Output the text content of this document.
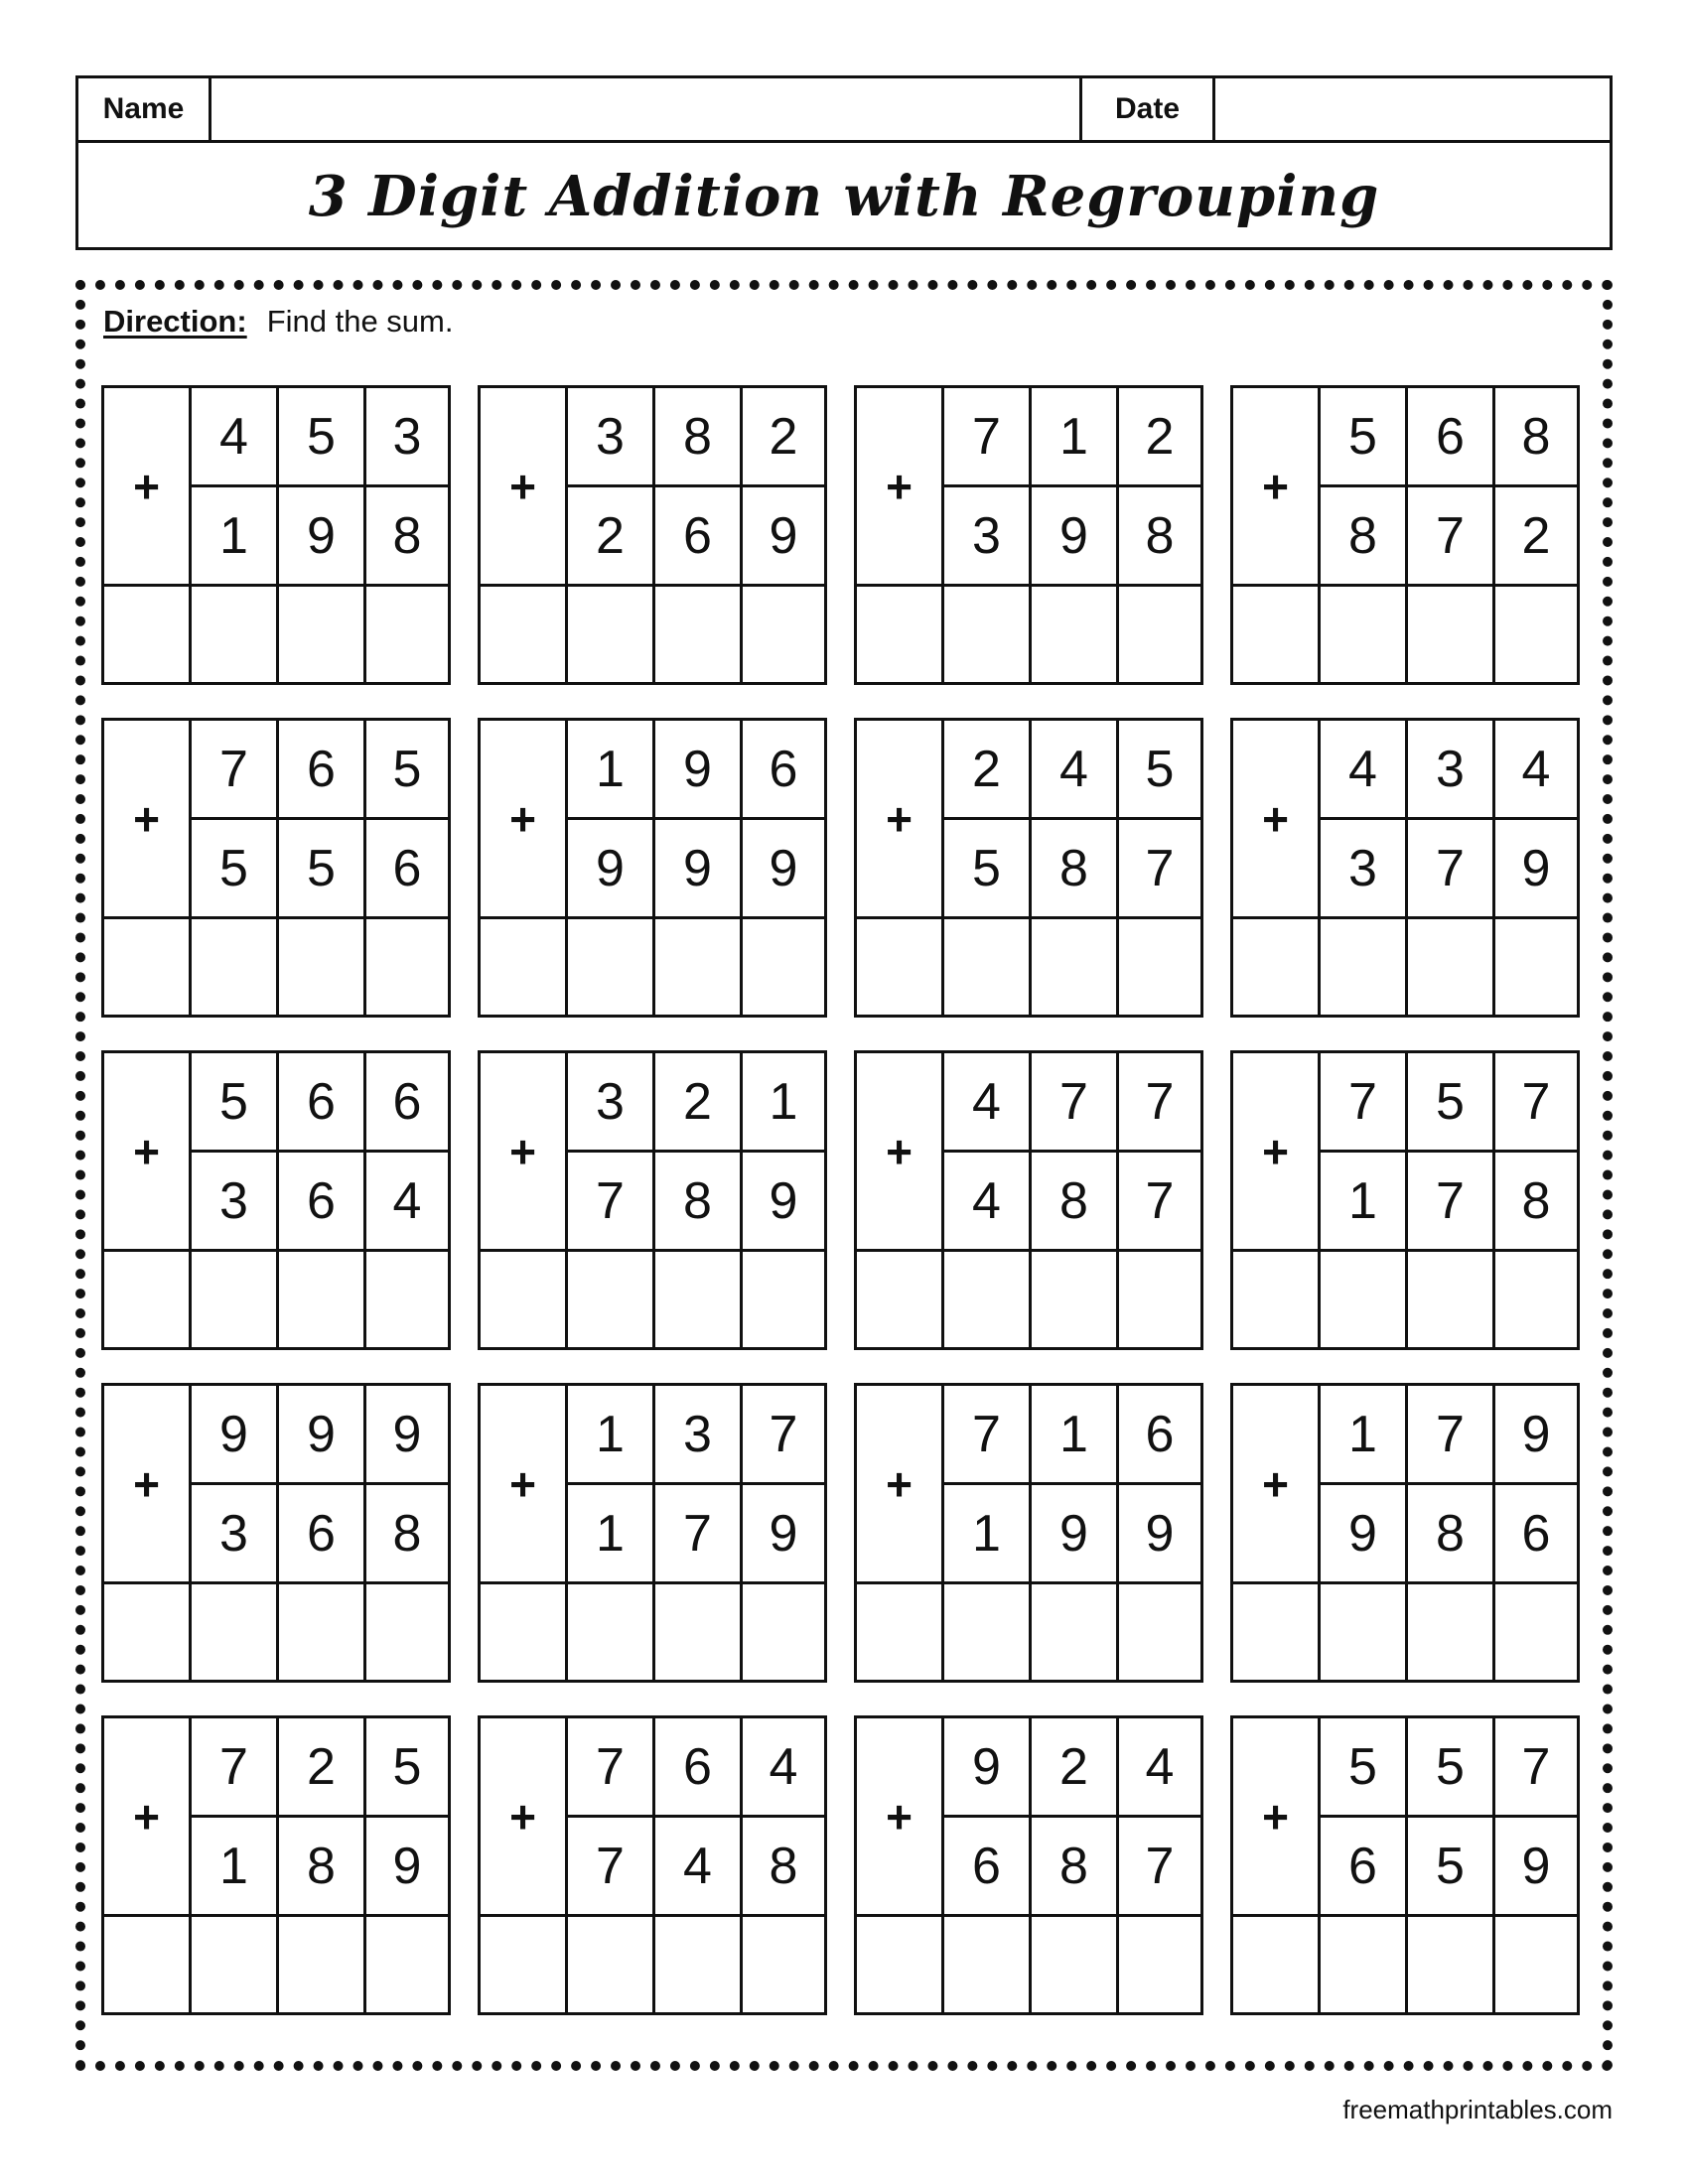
Name	Date
3 Digit Addition with Regrouping
Direction: Find the sum.
+
4	5	3
1	9	8
+
3	8	2
2	6	9
+
7	1	2
3	9	8
+
5	6	8
8	7	2
+
7	6	5
5	5	6
+
1	9	6
9	9	9
+
2	4	5
5	8	7
+
4	3	4
3	7	9
+
5	6	6
3	6	4
+
3	2	1
7	8	9
+
4	7	7
4	8	7
+
7	5	7
1	7	8
+
9	9	9
3	6	8
+
1	3	7
1	7	9
+
7	1	6
1	9	9
+
1	7	9
9	8	6
+
7	2	5
1	8	9
+
7	6	4
7	4	8
+
9	2	4
6	8	7
+
5	5	7
6	5	9
freemathprintables.com
